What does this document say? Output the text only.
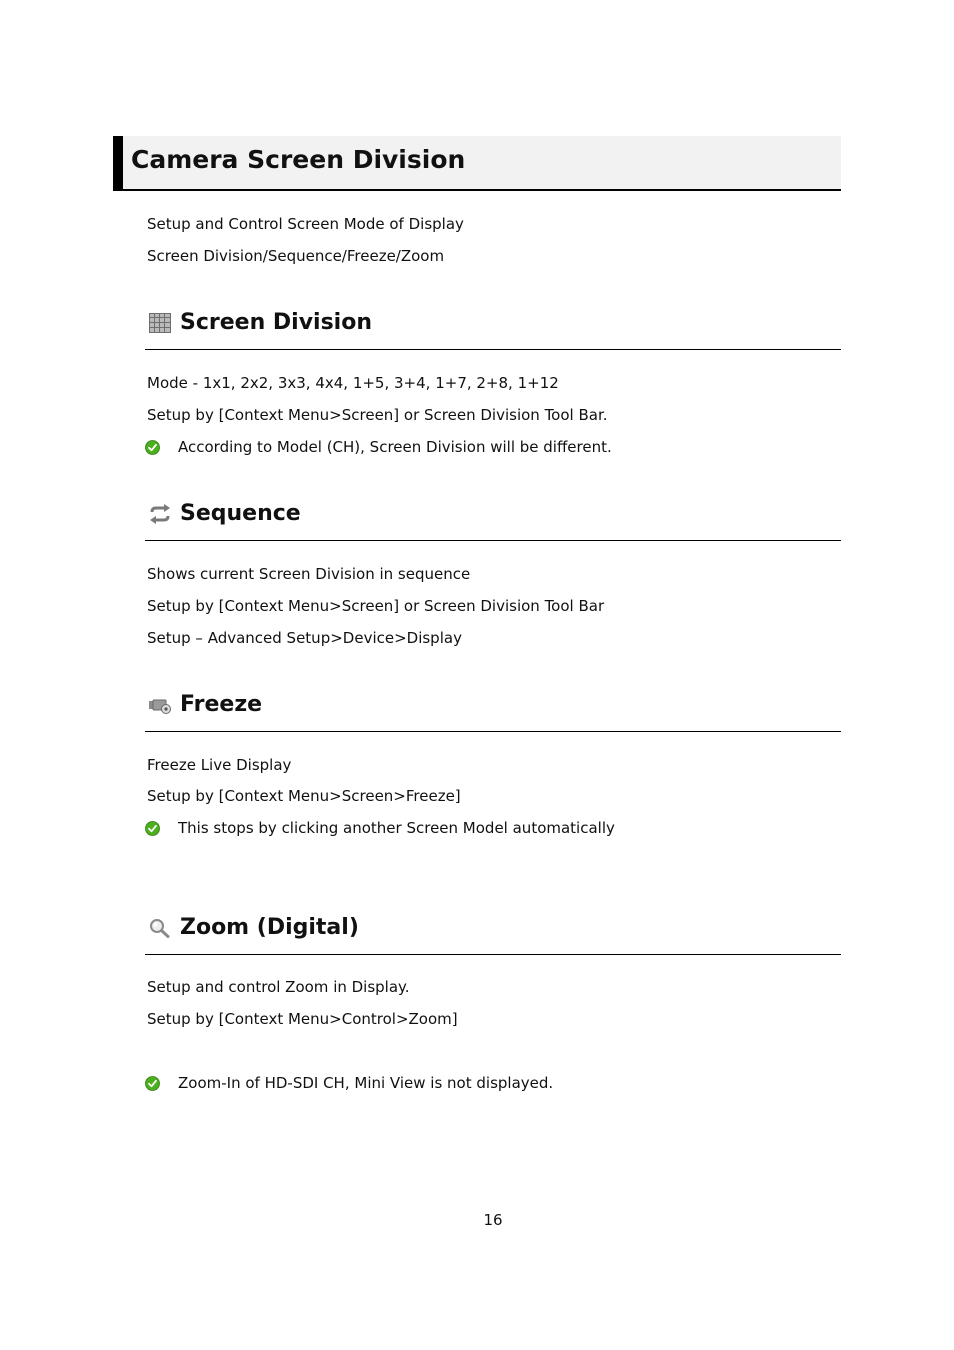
Camera Screen Division
Setup and Control Screen Mode of Display
Screen Division/Sequence/Freeze/Zoom
Screen Division
Mode - 1x1, 2x2, 3x3, 4x4, 1+5, 3+4, 1+7, 2+8, 1+12
Setup by [Context Menu>Screen] or Screen Division Tool Bar.
According to Model (CH), Screen Division will be different.
Sequence
Shows current Screen Division in sequence
Setup by [Context Menu>Screen] or Screen Division Tool Bar
Setup – Advanced Setup>Device>Display
Freeze
Freeze Live Display
Setup by [Context Menu>Screen>Freeze]
This stops by clicking another Screen Model automatically
Zoom (Digital)
Setup and control Zoom in Display.
Setup by [Context Menu>Control>Zoom]
Zoom-In of HD-SDI CH, Mini View is not displayed.
16
